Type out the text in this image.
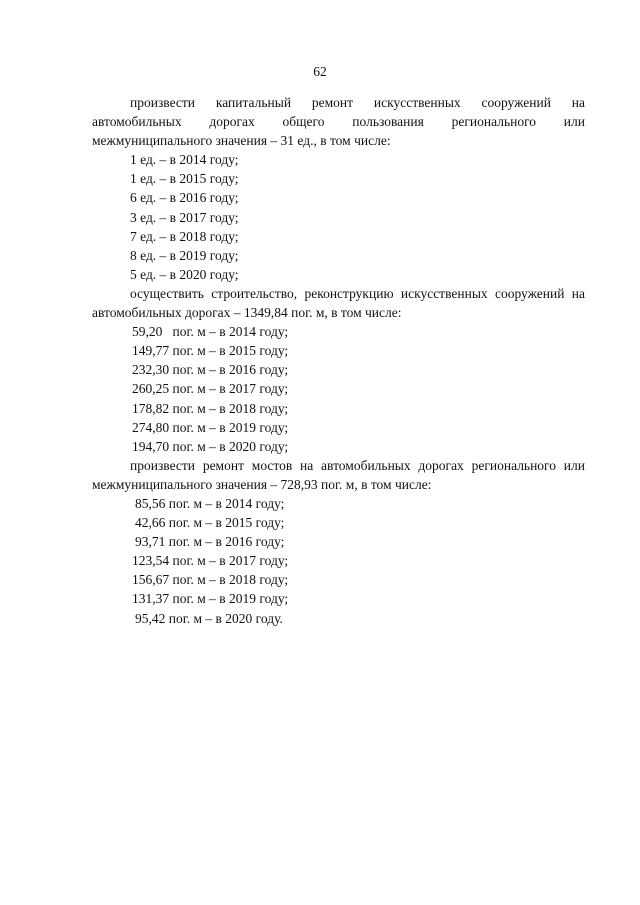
62

произвести капитальный ремонт искусственных сооружений на автомобильных дорогах общего пользования регионального или межмуниципального значения – 31 ед., в том числе:

1 ед. – в 2014 году;
1 ед. – в 2015 году;
6 ед. – в 2016 году;
3 ед. – в 2017 году;
7 ед. – в 2018 году;
8 ед. – в 2019 году;
5 ед. – в 2020 году;

осуществить строительство, реконструкцию искусственных сооружений на автомобильных дорогах – 1349,84 пог. м, в том числе:

59,20   пог. м – в 2014 году;
149,77 пог. м – в 2015 году;
232,30 пог. м – в 2016 году;
260,25 пог. м – в 2017 году;
178,82 пог. м – в 2018 году;
274,80 пог. м – в 2019 году;
194,70 пог. м – в 2020 году;

произвести ремонт мостов на автомобильных дорогах регионального или межмуниципального значения – 728,93 пог. м, в том числе:

85,56 пог. м – в 2014 году;
42,66 пог. м – в 2015 году;
93,71 пог. м – в 2016 году;
123,54 пог. м – в 2017 году;
156,67 пог. м – в 2018 году;
131,37 пог. м – в 2019 году;
95,42 пог. м – в 2020 году.
